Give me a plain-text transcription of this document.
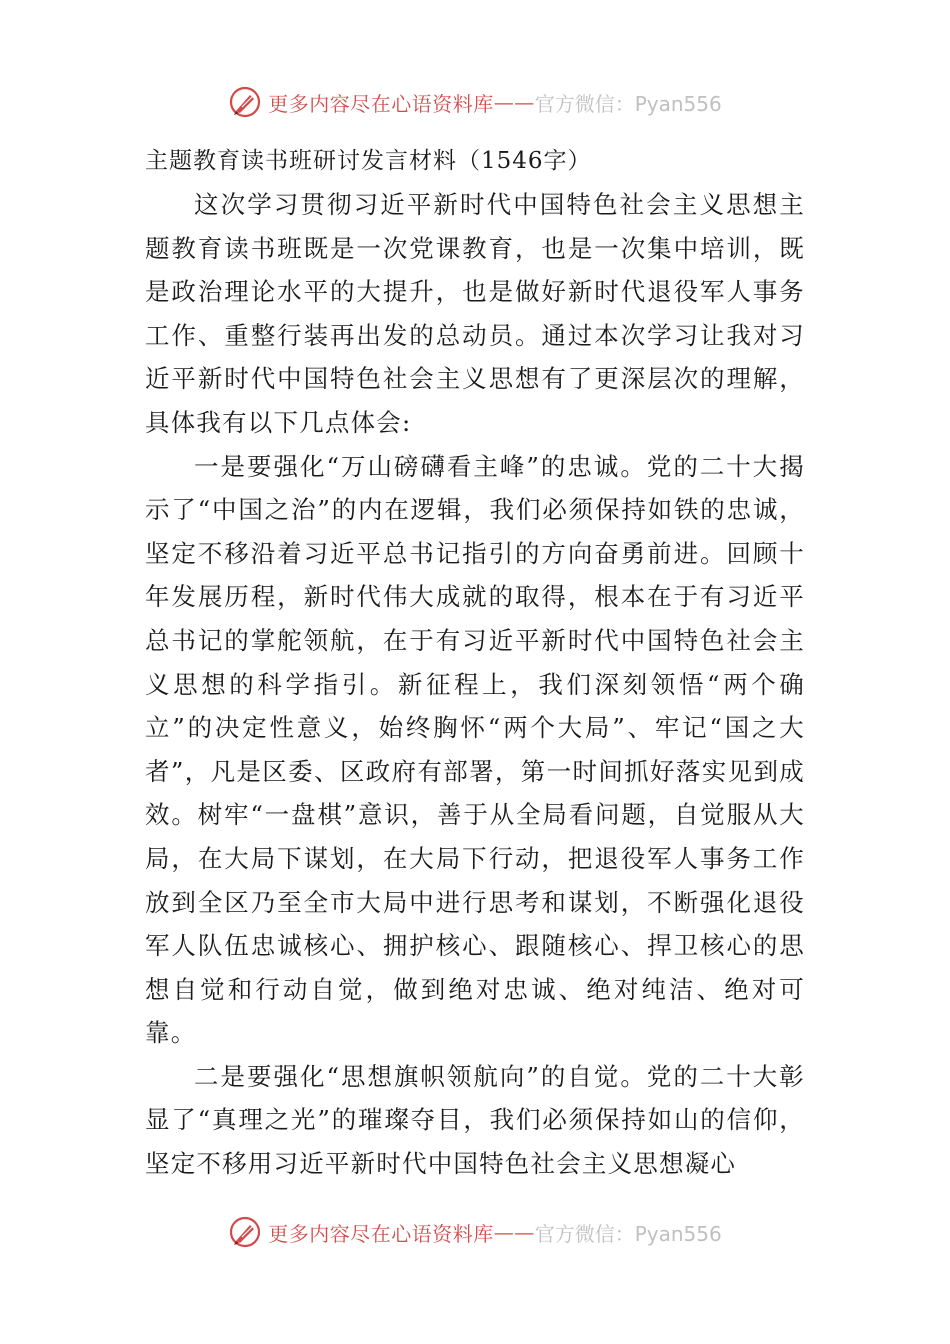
更多内容尽在心语资料库 —— 官方微信：Pyan556

主题教育读书班研讨发言材料（1546字）

这次学习贯彻习近平新时代中国特色社会主义思想主题教育读书班既是一次党课教育，也是一次集中培训，既是政治理论水平的大提升，也是做好新时代退役军人事务工作、重整行装再出发的总动员。通过本次学习让我对习近平新时代中国特色社会主义思想有了更深层次的理解，具体我有以下几点体会:

一是要强化“万山磅礴看主峰”的忠诚。党的二十大揭示了“中国之治”的内在逻辑，我们必须保持如铁的忠诚，坚定不移沿着习近平总书记指引的方向奋勇前进。回顾十年发展历程，新时代伟大成就的取得，根本在于有习近平总书记的掌舵领航，在于有习近平新时代中国特色社会主义思想的科学指引。新征程上，我们深刻领悟“两个确立”的决定性意义，始终胸怀“两个大局”、牢记“国之大者”，凡是区委、区政府有部署，第一时间抓好落实见到成效。树牢“一盘棋”意识，善于从全局看问题，自觉服从大局，在大局下谋划，在大局下行动，把退役军人事务工作放到全区乃至全市大局中进行思考和谋划，不断强化退役军人队伍忠诚核心、拥护核心、跟随核心、捍卫核心的思想自觉和行动自觉，做到绝对忠诚、绝对纯洁、绝对可靠。

二是要强化“思想旗帜领航向”的自觉。党的二十大彰显了“真理之光”的璀璨夺目，我们必须保持如山的信仰，坚定不移用习近平新时代中国特色社会主义思想凝心

更多内容尽在心语资料库 —— 官方微信：Pyan556
